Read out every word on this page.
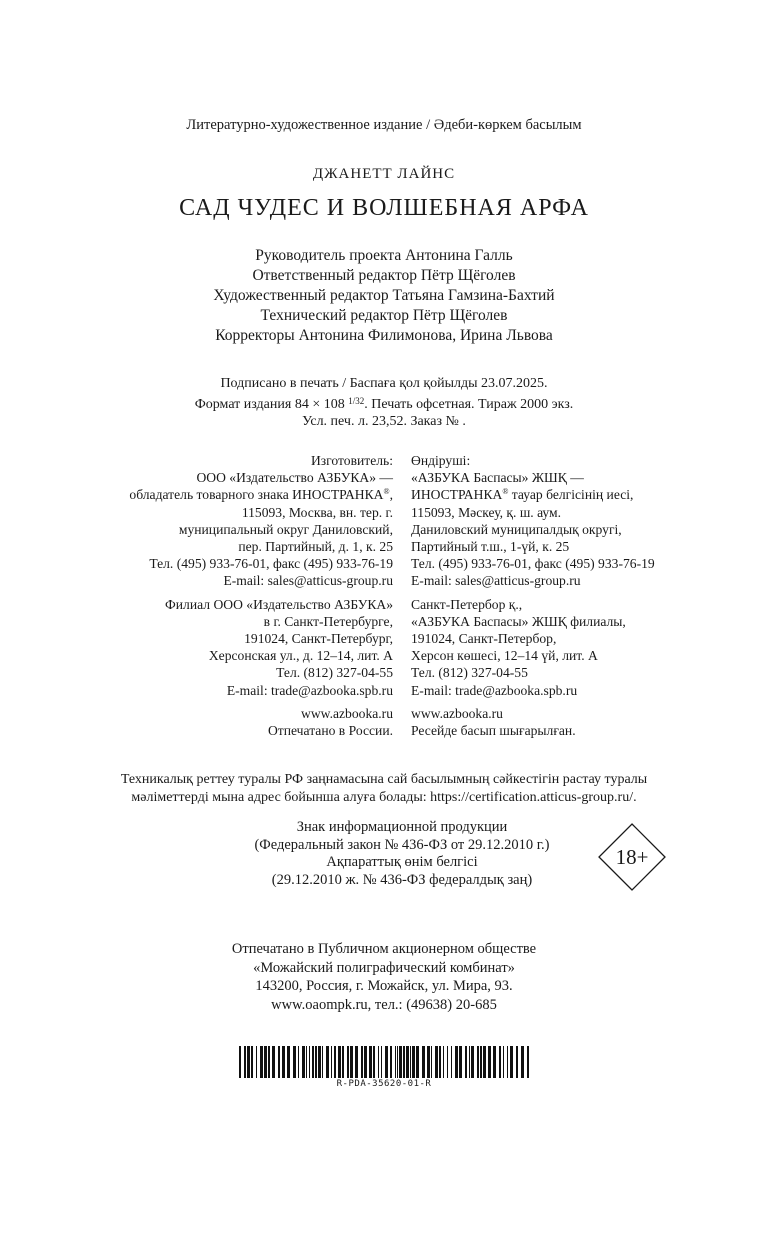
Литературно-художественное издание / Әдеби-көркем басылым
ДЖАНЕТТ ЛАЙНС
САД ЧУДЕС И ВОЛШЕБНАЯ АРФА
Руководитель проекта Антонина Галль
Ответственный редактор Пётр Щёголев
Художественный редактор Татьяна Гамзина-Бахтий
Технический редактор Пётр Щёголев
Корректоры Антонина Филимонова, Ирина Львова
Подписано в печать / Баспаға қол қойылды 23.07.2025.
Формат издания 84 × 108 $^{1/32}$. Печать офсетная. Тираж 2000 экз.
Усл. печ. л. 23,52. Заказ № .
Изготовитель:
ООО «Издательство АЗБУКА» —
обладатель товарного знака ИНОСТРАНКА®,
115093, Москва, вн. тер. г.
муниципальный округ Даниловский,
пер. Партийный, д. 1, к. 25
Тел. (495) 933-76-01, факс (495) 933-76-19
E-mail: sales@atticus-group.ru
Филиал ООО «Издательство АЗБУКА»
в г. Санкт-Петербурге,
191024, Санкт-Петербург,
Херсонская ул., д. 12–14, лит. А
Тел. (812) 327-04-55
E-mail: trade@azbooka.spb.ru
www.azbooka.ru
Отпечатано в России.
Өндіруші:
«АЗБУКА Баспасы» ЖШҚ —
ИНОСТРАНКА® тауар белгісінің иесі,
115093, Мәскеу, қ. ш. аум.
Даниловский муниципалдық округі,
Партийный т.ш., 1-үй, к. 25
Тел. (495) 933-76-01, факс (495) 933-76-19
E-mail: sales@atticus-group.ru
Санкт-Петербор қ.,
«АЗБУКА Баспасы» ЖШҚ филиалы,
191024, Санкт-Петербор,
Херсон көшесі, 12–14 үй, лит. А
Тел. (812) 327-04-55
E-mail: trade@azbooka.spb.ru
www.azbooka.ru
Ресейде басып шығарылған.
Техникалық реттеу туралы РФ заңнамасына сай басылымның сәйкестігін растау туралы
мәліметтерді мына адрес бойынша алуға болады: https://certification.atticus-group.ru/.
Знак информационной продукции
(Федеральный закон № 436-ФЗ от 29.12.2010 г.)
Ақпараттық өнім белгісі
(29.12.2010 ж. № 436-ФЗ федералдық заң)
18+
Отпечатано в Публичном акционерном обществе
«Можайский полиграфический комбинат»
143200, Россия, г. Можайск, ул. Мира, 93.
www.oaompk.ru, тел.: (49638) 20-685
R-PDA-35620-01-R
